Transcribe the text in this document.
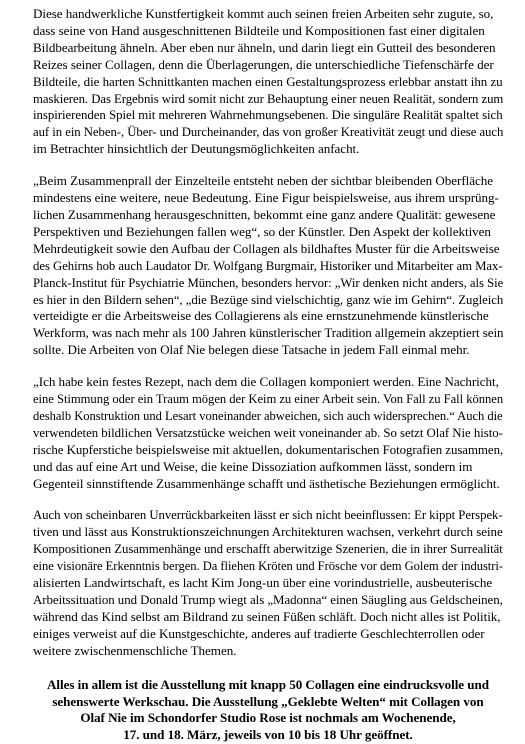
Diese handwerkliche Kunstfertigkeit kommt auch seinen freien Arbeiten sehr zugute, so,
dass seine von Hand ausgeschnittenen Bildteile und Kompositionen fast einer digitalen
Bildbearbeitung ähneln. Aber eben nur ähneln, und darin liegt ein Gutteil des besonderen
Reizes seiner Collagen, denn die Überlagerungen, die unterschiedliche Tiefenschärfe der
Bildteile, die harten Schnittkanten machen einen Gestaltungsprozess erlebbar anstatt ihn zu
maskieren. Das Ergebnis wird somit nicht zur Behauptung einer neuen Realität, sondern zum
inspirierenden Spiel mit mehreren Wahrnehmungsebenen. Die singuläre Realität spaltet sich
auf in ein Neben-, Über- und Durcheinander, das von großer Kreativität zeugt und diese auch
im Betrachter hinsichtlich der Deutungsmöglichkeiten anfacht.

„Beim Zusammenprall der Einzelteile entsteht neben der sichtbar bleibenden Oberfläche
mindestens eine weitere, neue Bedeutung. Eine Figur beispielsweise, aus ihrem ursprüng-
lichen Zusammenhang herausgeschnitten, bekommt eine ganz andere Qualität: gewesene
Perspektiven und Beziehungen fallen weg“, so der Künstler. Den Aspekt der kollektiven
Mehrdeutigkeit sowie den Aufbau der Collagen als bildhaftes Muster für die Arbeitsweise
des Gehirns hob auch Laudator Dr. Wolfgang Burgmair, Historiker und Mitarbeiter am Max-
Planck-Institut für Psychiatrie München, besonders hervor: „Wir denken nicht anders, als Sie
es hier in den Bildern sehen“, „die Bezüge sind vielschichtig, ganz wie im Gehirn“. Zugleich
verteidigte er die Arbeitsweise des Collagierens als eine ernstzunehmende künstlerische
Werkform, was nach mehr als 100 Jahren künstlerischer Tradition allgemein akzeptiert sein
sollte. Die Arbeiten von Olaf Nie belegen diese Tatsache in jedem Fall einmal mehr.

„Ich habe kein festes Rezept, nach dem die Collagen komponiert werden. Eine Nachricht,
eine Stimmung oder ein Traum mögen der Keim zu einer Arbeit sein. Von Fall zu Fall können
deshalb Konstruktion und Lesart voneinander abweichen, sich auch widersprechen.“ Auch die
verwendeten bildlichen Versatzstücke weichen weit voneinander ab. So setzt Olaf Nie histo-
rische Kupferstiche beispielsweise mit aktuellen, dokumentarischen Fotografien zusammen,
und das auf eine Art und Weise, die keine Dissoziation aufkommen lässt, sondern im
Gegenteil sinnstiftende Zusammenhänge schafft und ästhetische Beziehungen ermöglicht.

Auch von scheinbaren Unverrückbarkeiten lässt er sich nicht beeinflussen: Er kippt Perspek-
tiven und lässt aus Konstruktionszeichnungen Architekturen wachsen, verkehrt durch seine
Kompositionen Zusammenhänge und erschafft aberwitzige Szenerien, die in ihrer Surrealität
eine visionäre Erkenntnis bergen. Da fliehen Kröten und Frösche vor dem Golem der industri-
alisierten Landwirtschaft, es lacht Kim Jong-un über eine vorindustrielle, ausbeuterische
Arbeitssituation und Donald Trump wiegt als „Madonna“ einen Säugling aus Geldscheinen,
während das Kind selbst am Bildrand zu seinen Füßen schläft. Doch nicht alles ist Politik,
einiges verweist auf die Kunstgeschichte, anderes auf tradierte Geschlechterrollen oder
weitere zwischenmenschliche Themen.

Alles in allem ist die Ausstellung mit knapp 50 Collagen eine eindrucksvolle und
sehenswerte Werkschau. Die Ausstellung „Geklebte Welten“ mit Collagen von
Olaf Nie im Schondorfer Studio Rose ist nochmals am Wochenende,
17. und 18. März, jeweils von 10 bis 18 Uhr geöffnet.
